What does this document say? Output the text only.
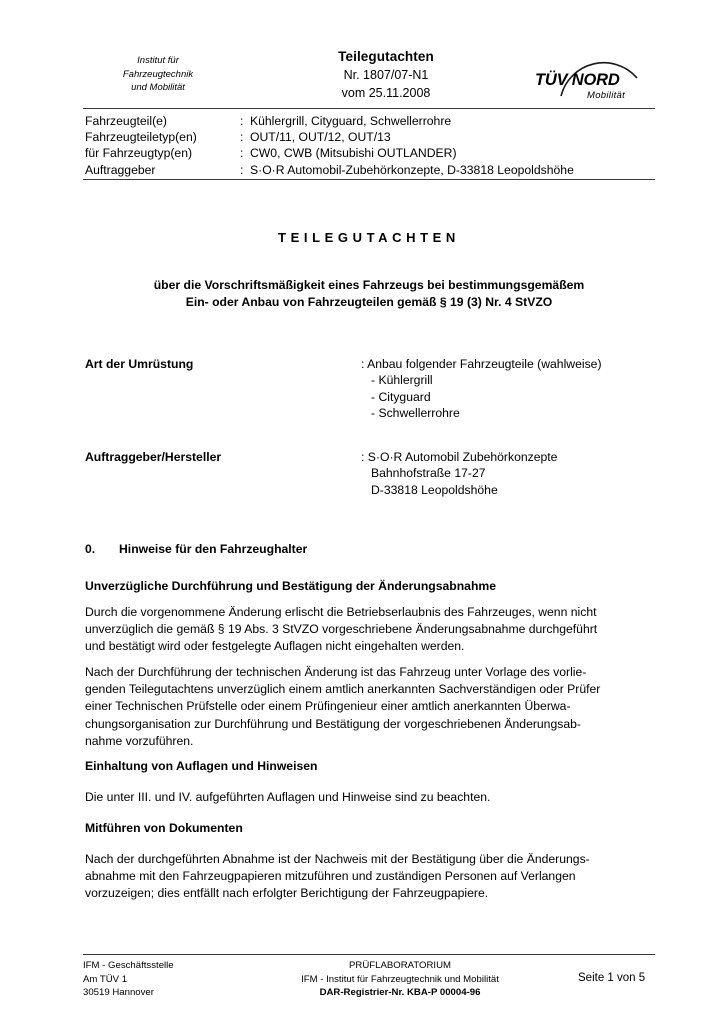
Institut für
Fahrzeugtechnik
und Mobilität
Teilegutachten
Nr. 1807/07-N1
vom 25.11.2008
TÜV NORD
Mobilität
Fahrzeugteil(e)	: Kühlergrill, Cityguard, Schwellerrohre
Fahrzeugteiletyp(en)	: OUT/11, OUT/12, OUT/13
für Fahrzeugtyp(en)	: CW0, CWB (Mitsubishi OUTLANDER)
Auftraggeber	: S·O·R Automobil-Zubehörkonzepte, D-33818 Leopoldshöhe
TEILEGUTACHTEN
über die Vorschriftsmäßigkeit eines Fahrzeugs bei bestimmungsgemäßem
Ein- oder Anbau von Fahrzeugteilen gemäß § 19 (3) Nr. 4 StVZO
Art der Umrüstung	: Anbau folgender Fahrzeugteile (wahlweise)
- Kühlergrill
- Cityguard
- Schwellerrohre
Auftraggeber/Hersteller	: S·O·R Automobil Zubehörkonzepte
Bahnhofstraße 17-27
D-33818 Leopoldshöhe
0. Hinweise für den Fahrzeughalter
Unverzügliche Durchführung und Bestätigung der Änderungsabnahme
Durch die vorgenommene Änderung erlischt die Betriebserlaubnis des Fahrzeuges, wenn nicht
unverzüglich die gemäß § 19 Abs. 3 StVZO vorgeschriebene Änderungsabnahme durchgeführt
und bestätigt wird oder festgelegte Auflagen nicht eingehalten werden.
Nach der Durchführung der technischen Änderung ist das Fahrzeug unter Vorlage des vorlie-
genden Teilegutachtens unverzüglich einem amtlich anerkannten Sachverständigen oder Prüfer
einer Technischen Prüfstelle oder einem Prüfingenieur einer amtlich anerkannten Überwa-
chungsorganisation zur Durchführung und Bestätigung der vorgeschriebenen Änderungsab-
nahme vorzuführen.
Einhaltung von Auflagen und Hinweisen
Die unter III. und IV. aufgeführten Auflagen und Hinweise sind zu beachten.
Mitführen von Dokumenten
Nach der durchgeführten Abnahme ist der Nachweis mit der Bestätigung über die Änderungs-
abnahme mit den Fahrzeugpapieren mitzuführen und zuständigen Personen auf Verlangen
vorzuzeigen; dies entfällt nach erfolgter Berichtigung der Fahrzeugpapiere.
IFM - Geschäftsstelle
Am TÜV 1
30519 Hannover
PRÜFLABORATORIUM
IFM - Institut für Fahrzeugtechnik und Mobilität
DAR-Registrier-Nr. KBA-P 00004-96
Seite 1 von 5
